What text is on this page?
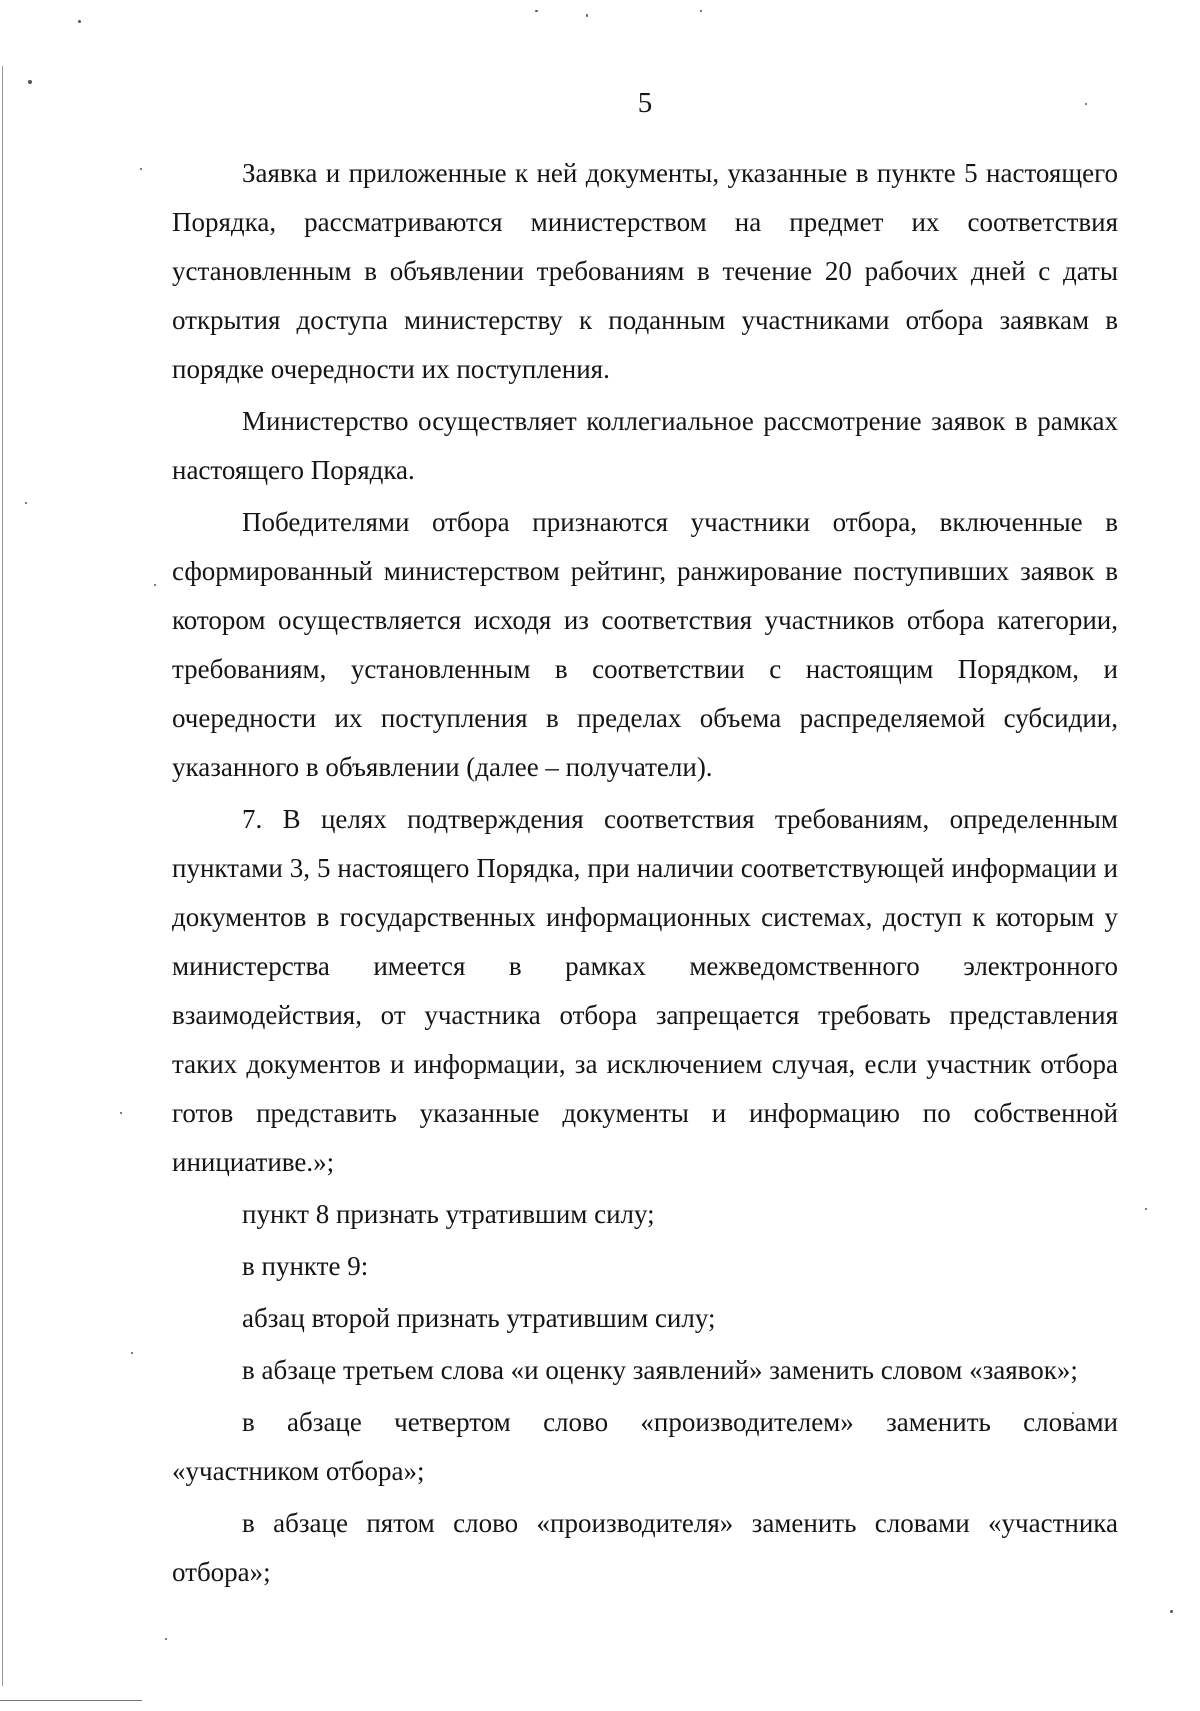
5

Заявка и приложенные к ней документы, указанные в пункте 5 настоящего Порядка, рассматриваются министерством на предмет их соответствия установленным в объявлении требованиям в течение 20 рабочих дней с даты открытия доступа министерству к поданным участниками отбора заявкам в порядке очередности их поступления.

Министерство осуществляет коллегиальное рассмотрение заявок в рамках настоящего Порядка.

Победителями отбора признаются участники отбора, включенные в сформированный министерством рейтинг, ранжирование поступивших заявок в котором осуществляется исходя из соответствия участников отбора категории, требованиям, установленным в соответствии с настоящим Порядком, и очередности их поступления в пределах объема распределяемой субсидии, указанного в объявлении (далее – получатели).

7. В целях подтверждения соответствия требованиям, определенным пунктами 3, 5 настоящего Порядка, при наличии соответствующей информации и документов в государственных информационных системах, доступ к которым у министерства имеется в рамках межведомственного электронного взаимодействия, от участника отбора запрещается требовать представления таких документов и информации, за исключением случая, если участник отбора готов представить указанные документы и информацию по собственной инициативе.»;

пункт 8 признать утратившим силу;

в пункте 9:

абзац второй признать утратившим силу;

в абзаце третьем слова «и оценку заявлений» заменить словом «заявок»;

в абзаце четвертом слово «производителем» заменить словами «участником отбора»;

в абзаце пятом слово «производителя» заменить словами «участника отбора»;
